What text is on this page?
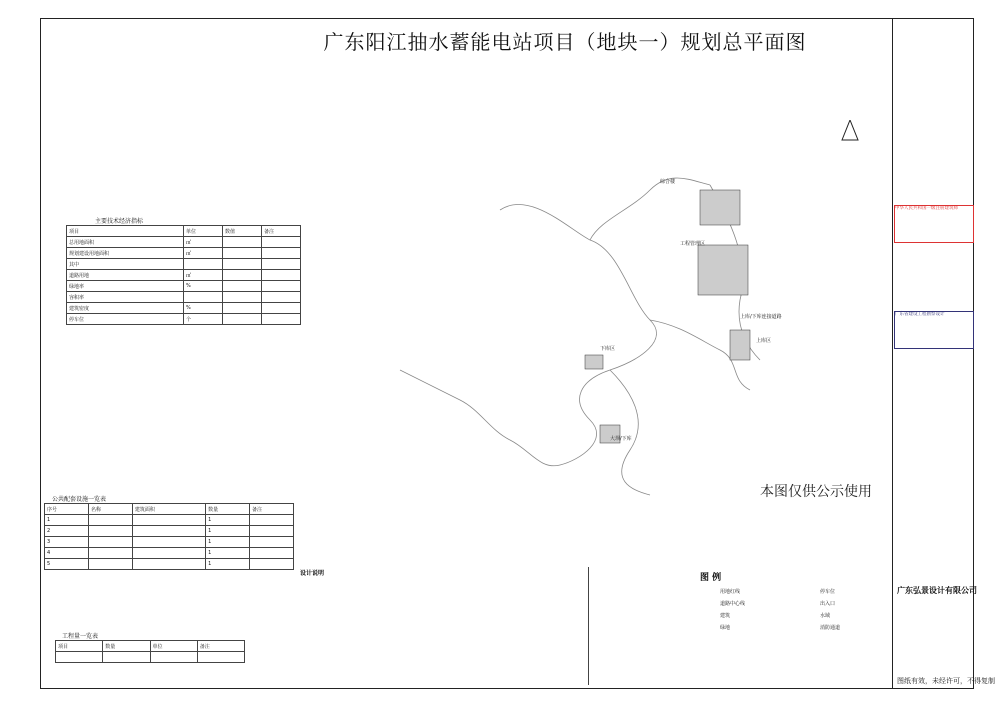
广东阳江抽水蓄能电站项目（地块一）规划总平面图
综合楼
工程管理区
上库区
下库区
大坝/下库
上库/下库连接道路
本图仅供公示使用
主要技术经济指标
项目	单位	数值	备注
总用地面积	㎡		
规划建设用地面积	㎡		
其中			
道路用地	㎡		
绿地率	%		
容积率			
建筑密度	%		
停车位	个		
公共配套设施一览表
序号	名称	建筑面积	数量	备注
1			1	
2			1	
3			1	
4			1	
5			1	
工程量一览表
项目	数量	单位	备注

设计说明	图 例
用地红线
道路中心线
建筑
绿地
停车位
出入口
水域
消防通道
中华人民共和国一级注册建筑师
广东省建设工程勘察设计
广东弘景设计有限公司
图纸有效，未经许可，不得复制
